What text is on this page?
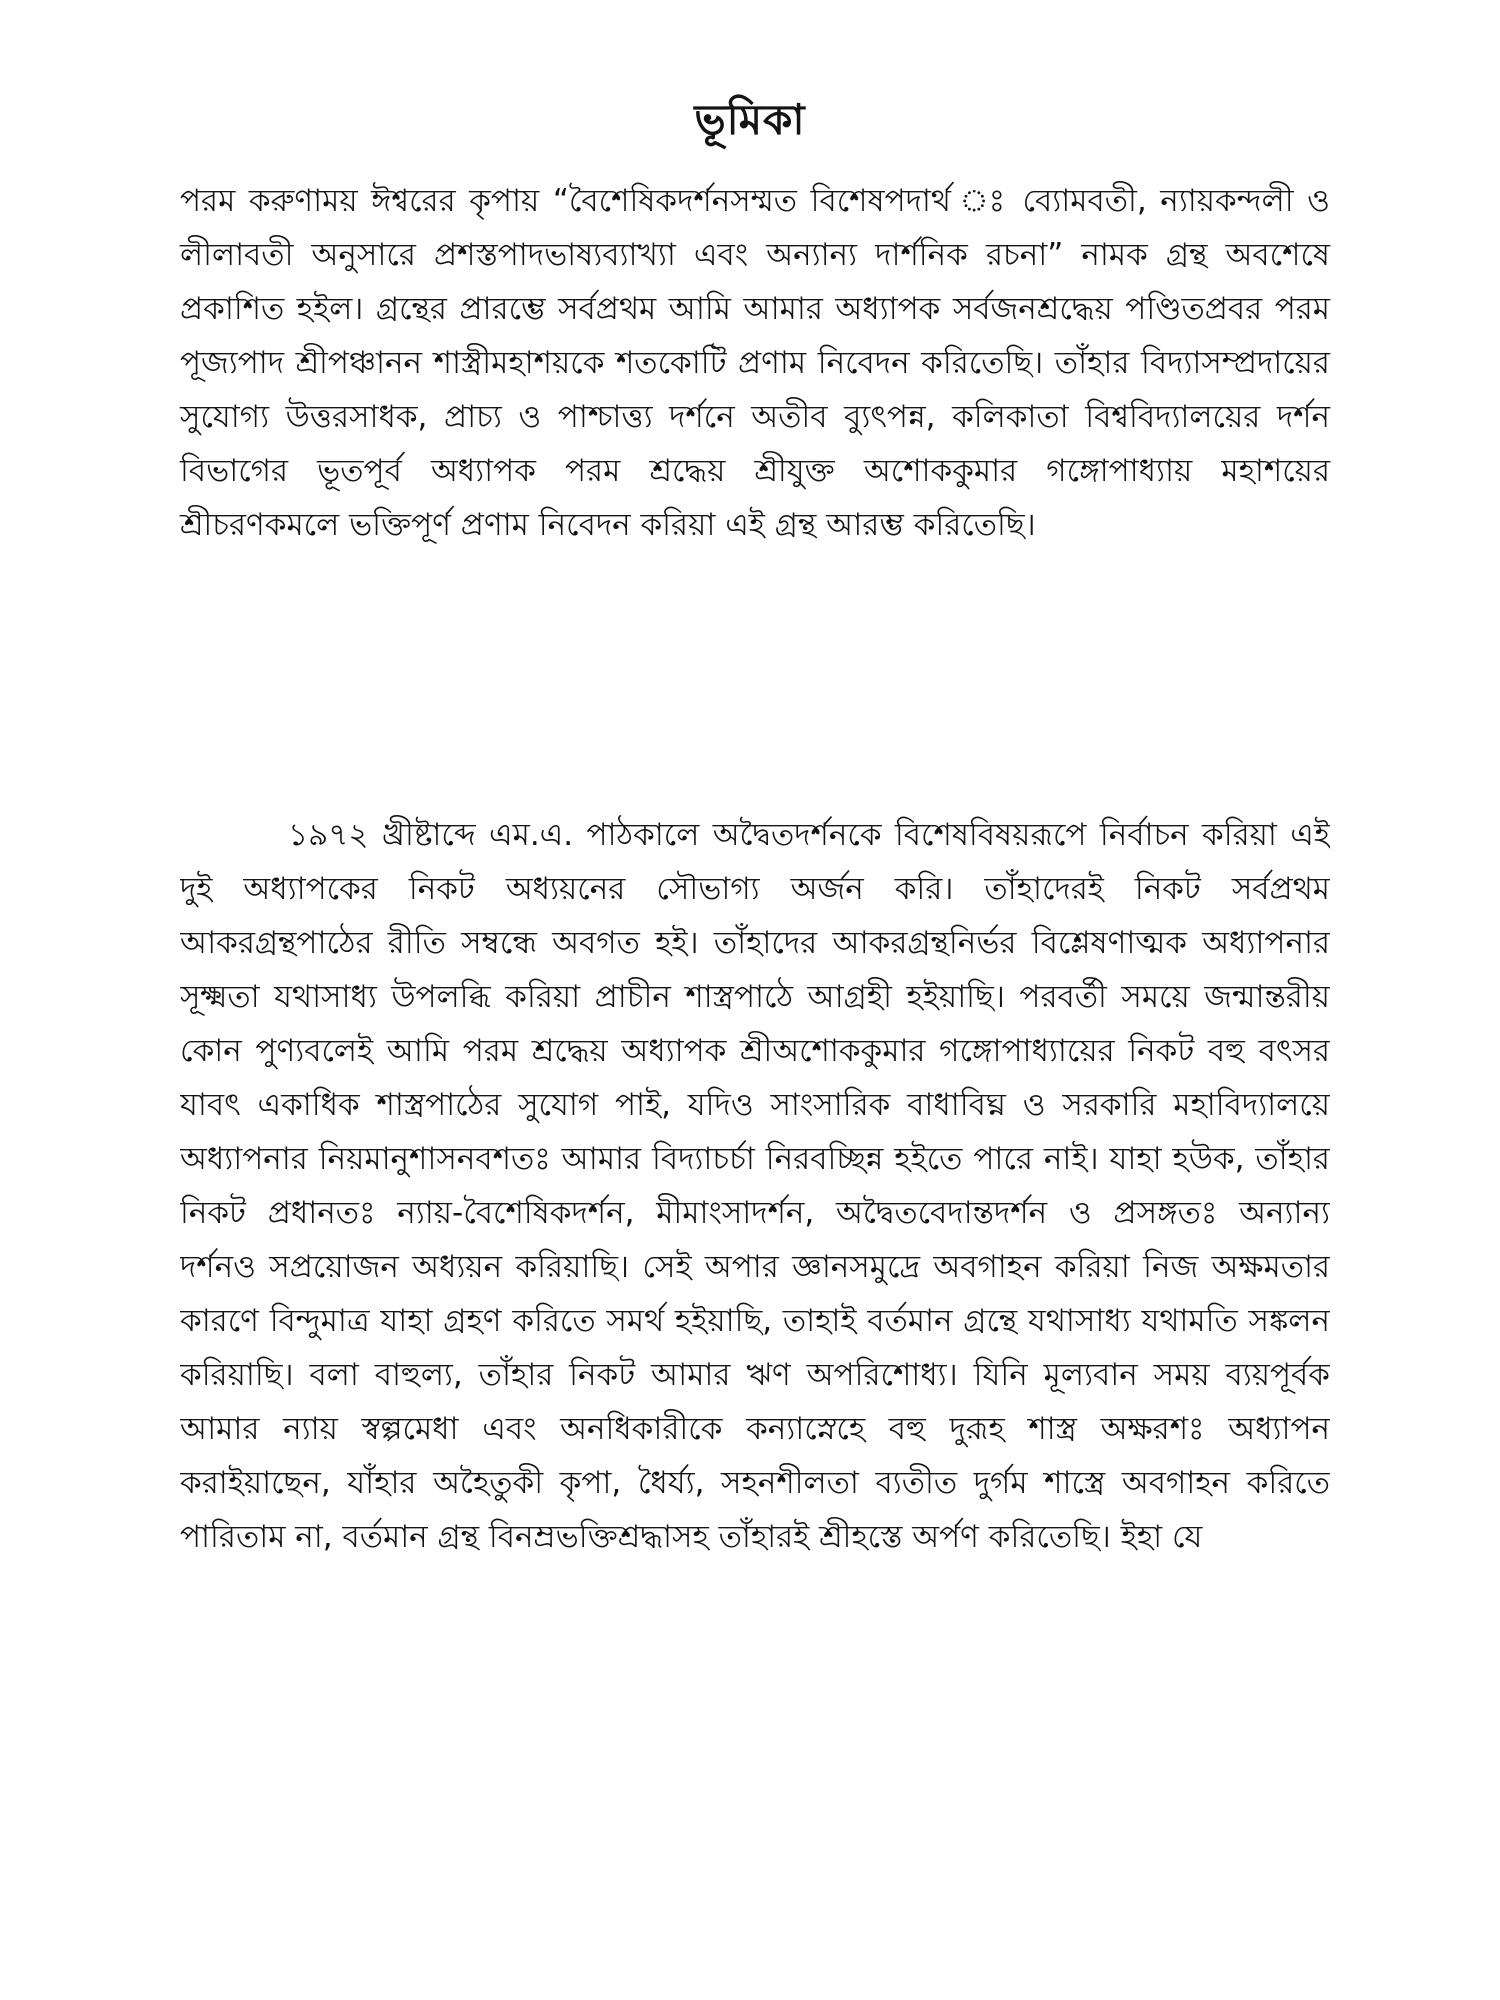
ভূমিকা

পরম করুণাময় ঈশ্বরের কৃপায় “বৈশেষিকদর্শনসম্মত বিশেষপদার্থ ঃ ব্যোমবতী, ন্যায়কন্দলী ও লীলাবতী অনুসারে প্রশস্তপাদভাষ্যব্যাখ্যা এবং অন্যান্য দার্শনিক রচনা” নামক গ্রন্থ অবশেষে প্রকাশিত হইল। গ্রন্থের প্রারম্ভে সর্বপ্রথম আমি আমার অধ্যাপক সর্বজনশ্রদ্ধেয় পণ্ডিতপ্রবর পরম পূজ্যপাদ শ্রীপঞ্চানন শাস্ত্রীমহাশয়কে শতকোটি প্রণাম নিবেদন করিতেছি। তাঁহার বিদ্যাসম্প্রদায়ের সুযোগ্য উত্তরসাধক, প্রাচ্য ও পাশ্চাত্ত্য দর্শনে অতীব ব্যুৎপন্ন, কলিকাতা বিশ্ববিদ্যালয়ের দর্শন বিভাগের ভূতপূর্ব অধ্যাপক পরম শ্রদ্ধেয় শ্রীযুক্ত অশোককুমার গঙ্গোপাধ্যায় মহাশয়ের শ্রীচরণকমলে ভক্তিপূর্ণ প্রণাম নিবেদন করিয়া এই গ্রন্থ আরম্ভ করিতেছি।

১৯৭২ খ্রীষ্টাব্দে এম.এ. পাঠকালে অদ্বৈতদর্শনকে বিশেষবিষয়রূপে নির্বাচন করিয়া এই দুই অধ্যাপকের নিকট অধ্যয়নের সৌভাগ্য অর্জন করি। তাঁহাদেরই নিকট সর্বপ্রথম আকরগ্রন্থপাঠের রীতি সম্বন্ধে অবগত হই। তাঁহাদের আকরগ্রন্থনির্ভর বিশ্লেষণাত্মক অধ্যাপনার সূক্ষ্মতা যথাসাধ্য উপলব্ধি করিয়া প্রাচীন শাস্ত্রপাঠে আগ্রহী হইয়াছি। পরবর্তী সময়ে জন্মান্তরীয় কোন পুণ্যবলেই আমি পরম শ্রদ্ধেয় অধ্যাপক শ্রীঅশোককুমার গঙ্গোপাধ্যায়ের নিকট বহু বৎসর যাবৎ একাধিক শাস্ত্রপাঠের সুযোগ পাই, যদিও সাংসারিক বাধাবিঘ্ন ও সরকারি মহাবিদ্যালয়ে অধ্যাপনার নিয়মানুশাসনবশতঃ আমার বিদ্যাচর্চা নিরবচ্ছিন্ন হইতে পারে নাই। যাহা হউক, তাঁহার নিকট প্রধানতঃ ন্যায়-বৈশেষিকদর্শন, মীমাংসাদর্শন, অদ্বৈতবেদান্তদর্শন ও প্রসঙ্গতঃ অন্যান্য দর্শনও সপ্রয়োজন অধ্যয়ন করিয়াছি। সেই অপার জ্ঞানসমুদ্রে অবগাহন করিয়া নিজ অক্ষমতার কারণে বিন্দুমাত্র যাহা গ্রহণ করিতে সমর্থ হইয়াছি, তাহাই বর্তমান গ্রন্থে যথাসাধ্য যথামতি সঙ্কলন করিয়াছি। বলা বাহুল্য, তাঁহার নিকট আমার ঋণ অপরিশোধ্য। যিনি মূল্যবান সময় ব্যয়পূর্বক আমার ন্যায় স্বল্পমেধা এবং অনধিকারীকে কন্যাস্নেহে বহু দুরূহ শাস্ত্র অক্ষরশঃ অধ্যাপন করাইয়াছেন, যাঁহার অহৈতুকী কৃপা, ধৈর্য্য, সহনশীলতা ব্যতীত দুর্গম শাস্ত্রে অবগাহন করিতে পারিতাম না, বর্তমান গ্রন্থ বিনম্রভক্তিশ্রদ্ধাসহ তাঁহারই শ্রীহস্তে অর্পণ করিতেছি। ইহা যে
